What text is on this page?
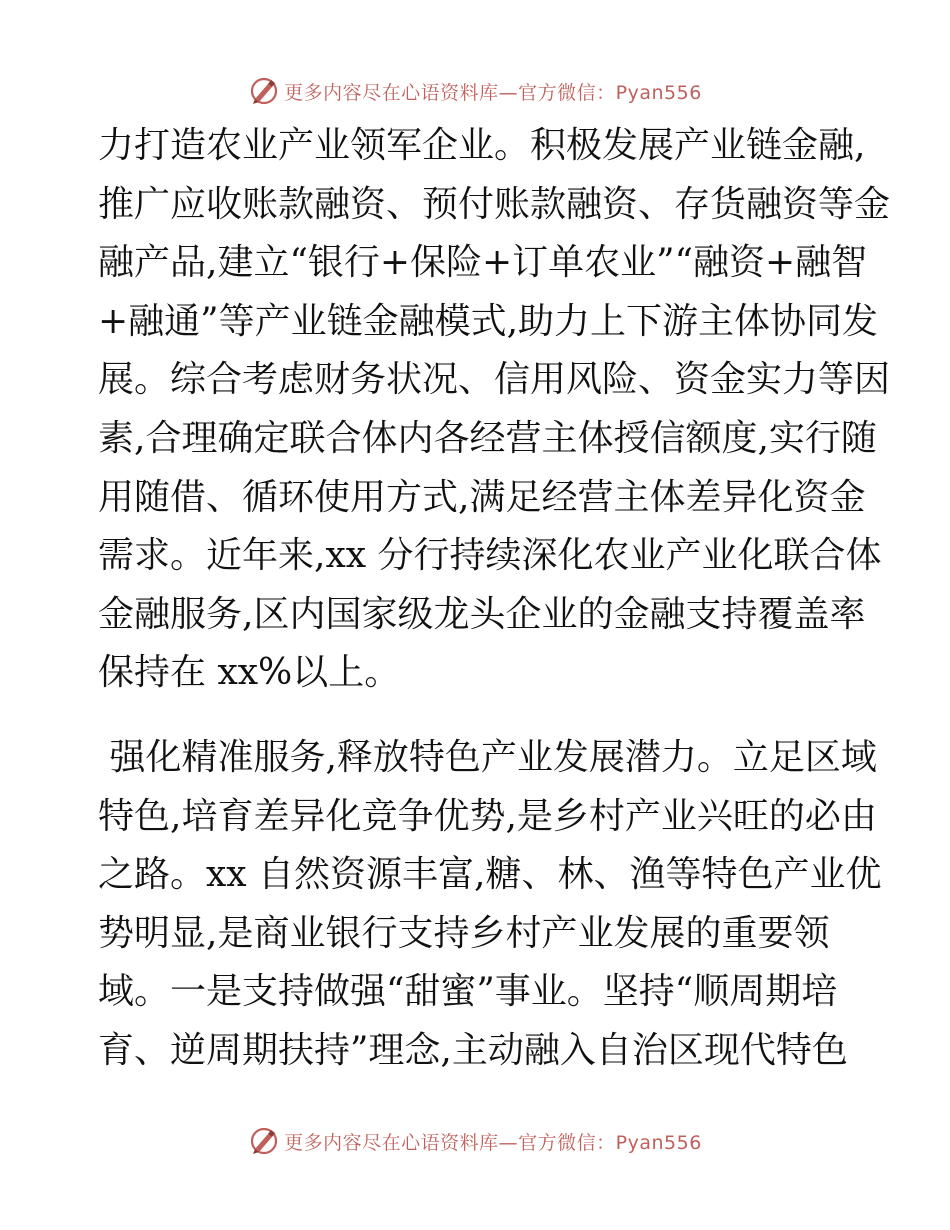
更多内容尽在心语资料库—官方微信：Pyan556
力打造农业产业领军企业。积极发展产业链金融,
推广应收账款融资、预付账款融资、存货融资等金
融产品,建立“银行+保险+订单农业”“融资+融智
+融通”等产业链金融模式,助力上下游主体协同发
展。综合考虑财务状况、信用风险、资金实力等因
素,合理确定联合体内各经营主体授信额度,实行随
用随借、循环使用方式,满足经营主体差异化资金
需求。近年来,xx 分行持续深化农业产业化联合体
金融服务,区内国家级龙头企业的金融支持覆盖率
保持在 xx%以上。
强化精准服务,释放特色产业发展潜力。立足区域
特色,培育差异化竞争优势,是乡村产业兴旺的必由
之路。xx 自然资源丰富,糖、林、渔等特色产业优
势明显,是商业银行支持乡村产业发展的重要领
域。一是支持做强“甜蜜”事业。坚持“顺周期培
育、逆周期扶持”理念,主动融入自治区现代特色
更多内容尽在心语资料库—官方微信：Pyan556
